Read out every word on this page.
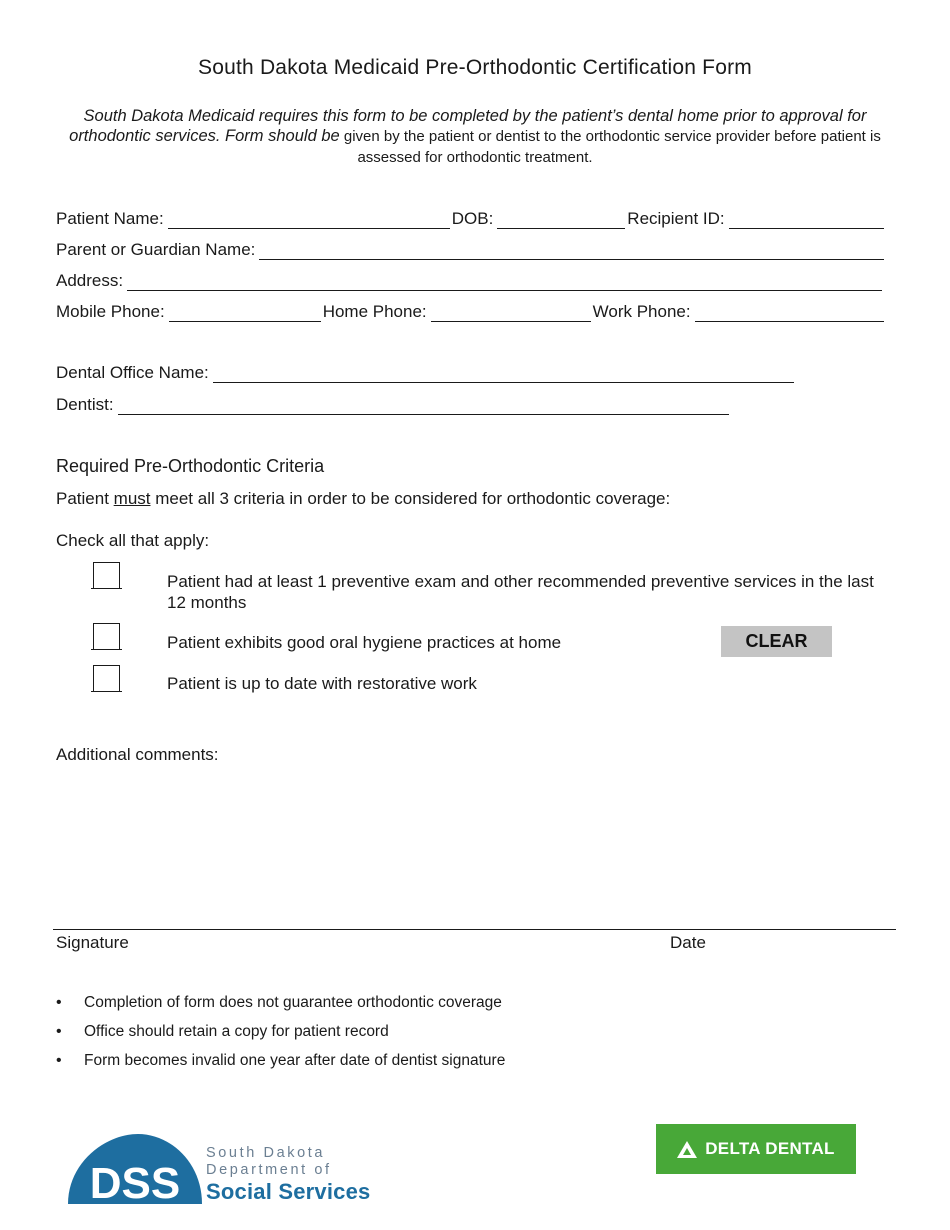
South Dakota Medicaid Pre-Orthodontic Certification Form
South Dakota Medicaid requires this form to be completed by the patient’s dental home prior to approval for orthodontic services. Form should be given by the patient or dentist to the orthodontic service provider before patient is assessed for orthodontic treatment.
Patient Name:	DOB:	Recipient ID:
Parent or Guardian Name:
Address:
Mobile Phone:	Home Phone:	Work Phone:
Dental Office Name:
Dentist:
Required Pre-Orthodontic Criteria
Patient must meet all 3 criteria in order to be considered for orthodontic coverage:
Check all that apply:
Patient had at least 1 preventive exam and other recommended preventive services in the last 12 months
Patient exhibits good oral hygiene practices at home	CLEAR
Patient is up to date with restorative work
Additional comments:
Signature	Date
• Completion of form does not guarantee orthodontic coverage
• Office should retain a copy for patient record
• Form becomes invalid one year after date of dentist signature
DSS
South Dakota
Department of
Social Services
DELTA DENTAL
